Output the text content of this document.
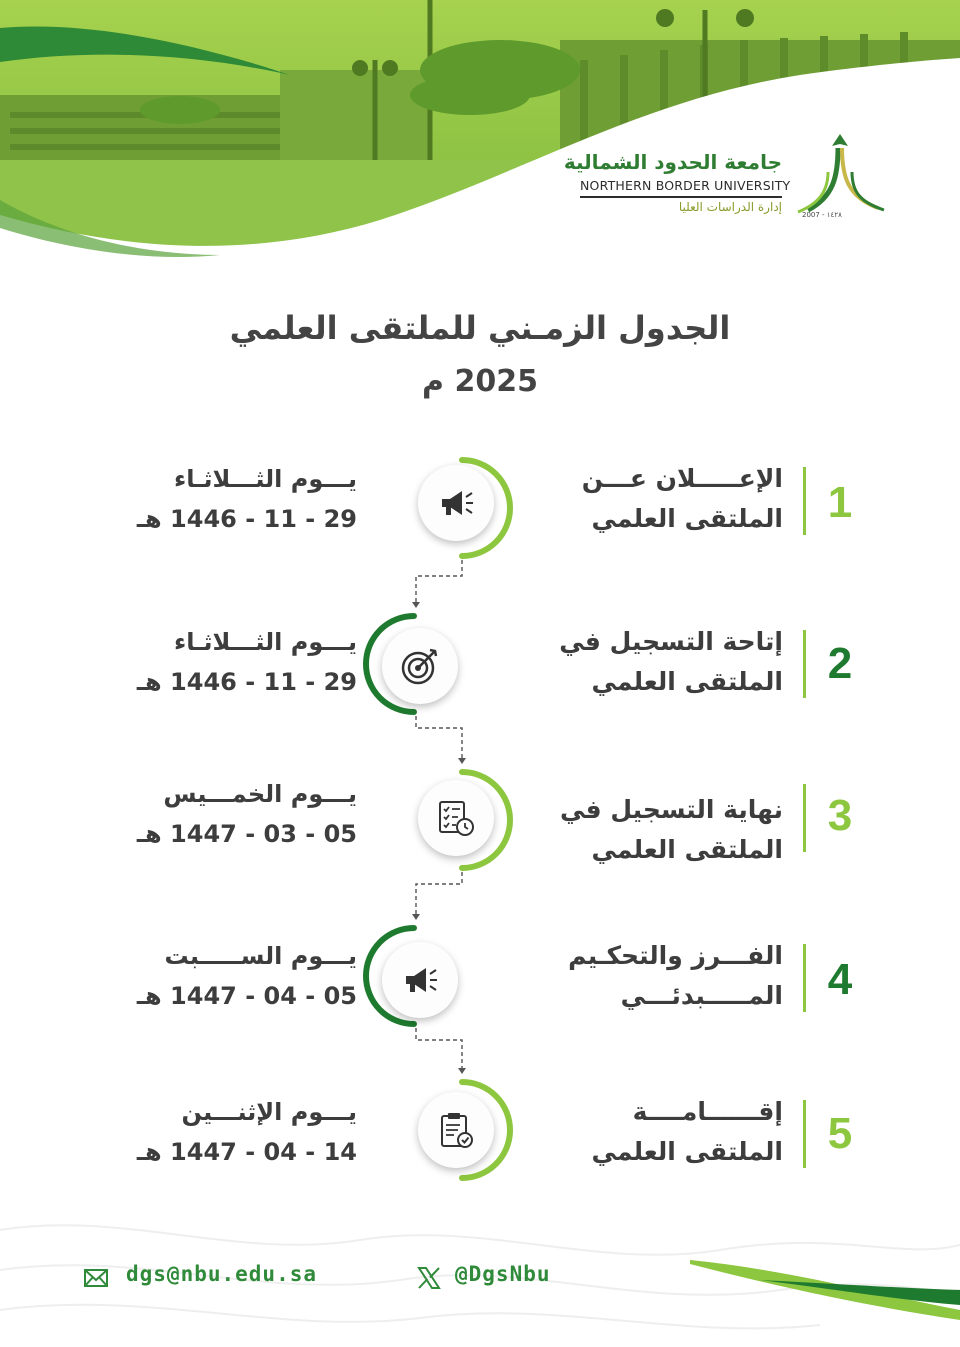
جامعة الحدود الشمالية
NORTHERN BORDER UNIVERSITY
إدارة الدراسات العليا
2007 - ١٤٢٨
الجدول الزمـني للملتقى العلمي
2025 م
1
الإعـــــلان عـــن
الملتقى العلمي
يـــوم الثـــلاثـاء
29 - 11 - 1446 هـ
2
إتاحة التسجيل في
الملتقى العلمي
يـــوم الثـــلاثـاء
29 - 11 - 1446 هـ
3
نهاية التسجيل في
الملتقى العلمي
يـــوم الخمـــيس
05 - 03 - 1447 هـ
4
الفـــرز والتحكـيم
المـــــبدئـــي
يـــوم الســـــبت
05 - 04 - 1447 هـ
5
إقــــــامــــة
الملتقى العلمي
يـــوم الإثنـــين
14 - 04 - 1447 هـ
dgs@nbu.edu.sa	@DgsNbu
